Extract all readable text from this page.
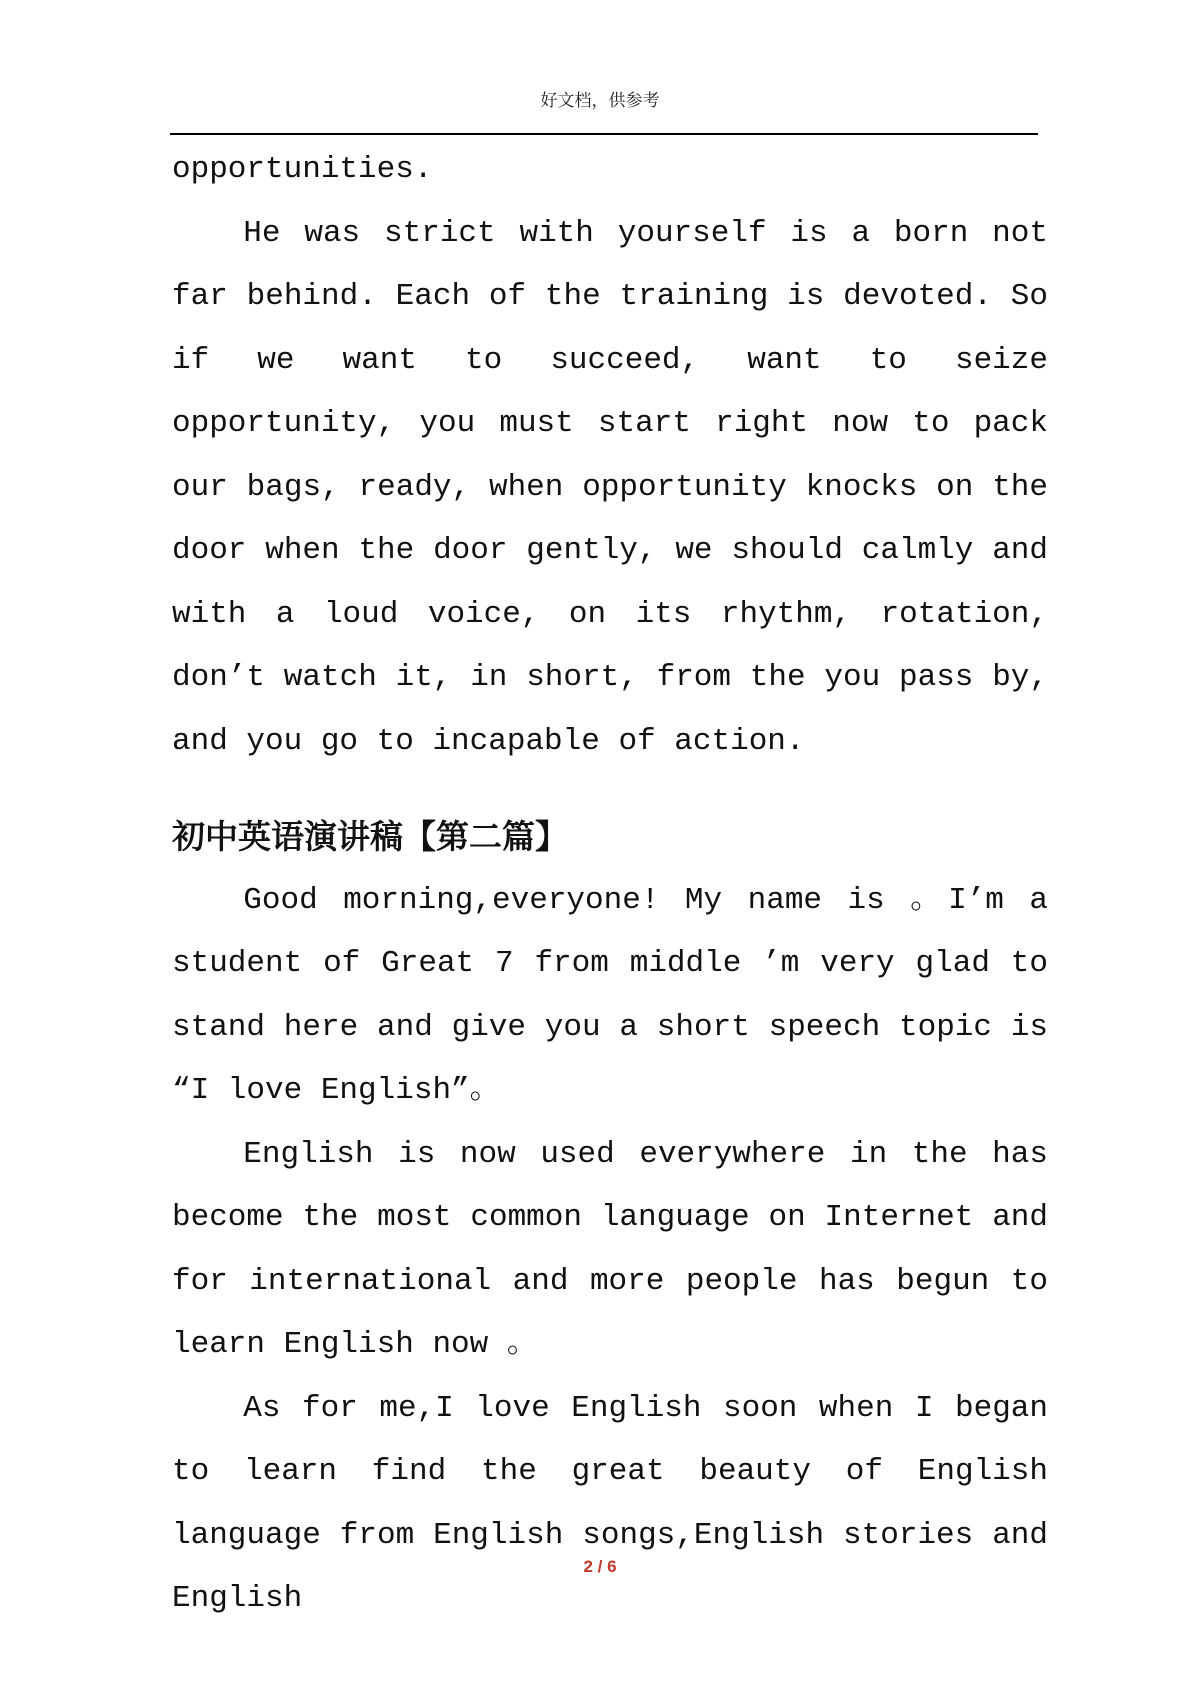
好文档，供参考

opportunities.

He was strict with yourself is a born not far behind. Each of the training is devoted. So if we want to succeed, want to seize opportunity, you must start right now to pack our bags, ready, when opportunity knocks on the door when the door gently, we should calmly and with a loud voice, on its rhythm, rotation, don’t watch it, in short, from the you pass by, and you go to incapable of action.

初中英语演讲稿【第二篇】

Good morning,everyone! My name is 。I’m a student of Great 7 from middle ’m very glad to stand here and give you a short speech topic is “I love English”。

English is now used everywhere in the has become the most common language on Internet and for international and more people has begun to learn English now 。

As for me,I love English soon when I began to learn find the great beauty of English language from English songs,English stories and English

2 / 6
